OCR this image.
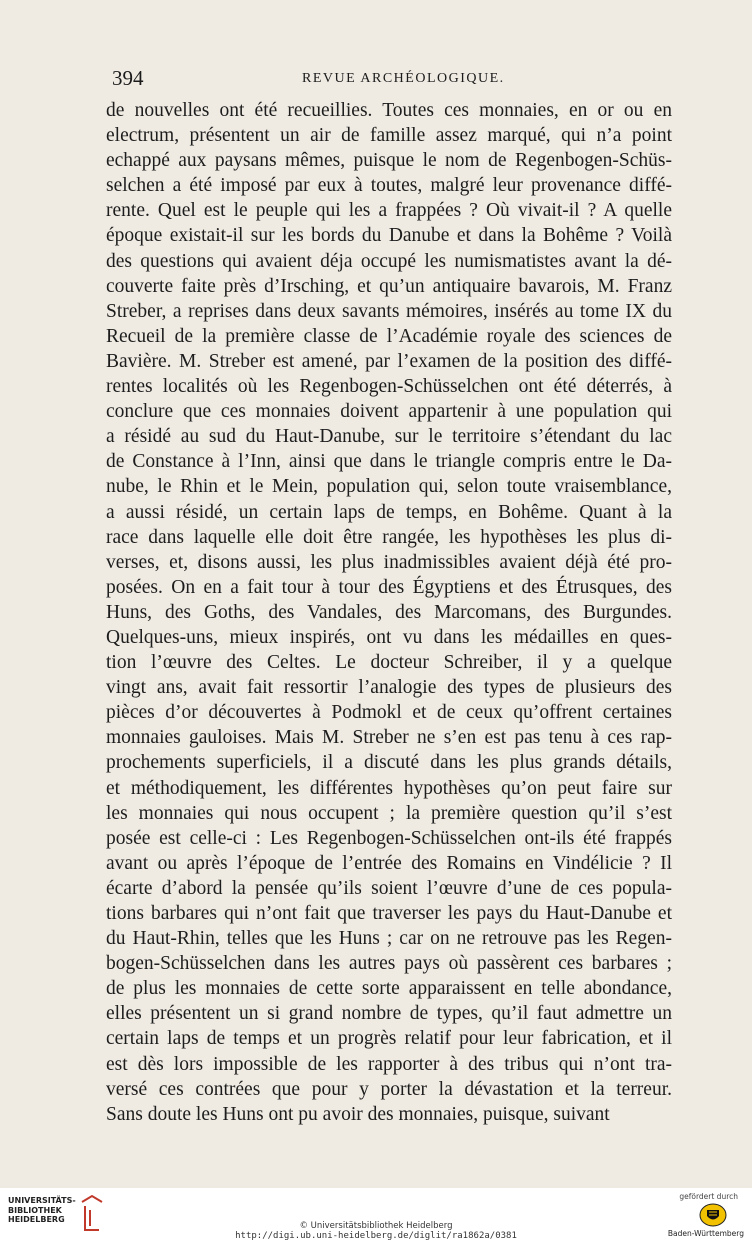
394	REVUE ARCHÉOLOGIQUE.
de nouvelles ont été recueillies. Toutes ces monnaies, en or ou en
electrum, présentent un air de famille assez marqué, qui n’a point
echappé aux paysans mêmes, puisque le nom de Regenbogen-Schüs-
selchen a été imposé par eux à toutes, malgré leur provenance diffé-
rente. Quel est le peuple qui les a frappées ? Où vivait-il ? A quelle
époque existait-il sur les bords du Danube et dans la Bohême ? Voilà
des questions qui avaient déja occupé les numismatistes avant la dé-
couverte faite près d’Irsching, et qu’un antiquaire bavarois, M. Franz
Streber, a reprises dans deux savants mémoires, insérés au tome IX du
Recueil de la première classe de l’Académie royale des sciences de
Bavière. M. Streber est amené, par l’examen de la position des diffé-
rentes localités où les Regenbogen-Schüsselchen ont été déterrés, à
conclure que ces monnaies doivent appartenir à une population qui
a résidé au sud du Haut-Danube, sur le territoire s’étendant du lac
de Constance à l’Inn, ainsi que dans le triangle compris entre le Da-
nube, le Rhin et le Mein, population qui, selon toute vraisemblance,
a aussi résidé, un certain laps de temps, en Bohême. Quant à la
race dans laquelle elle doit être rangée, les hypothèses les plus di-
verses, et, disons aussi, les plus inadmissibles avaient déjà été pro-
posées. On en a fait tour à tour des Égyptiens et des Étrusques, des
Huns, des Goths, des Vandales, des Marcomans, des Burgundes.
Quelques-uns, mieux inspirés, ont vu dans les médailles en ques-
tion l’œuvre des Celtes. Le docteur Schreiber, il y a quelque
vingt ans, avait fait ressortir l’analogie des types de plusieurs des
pièces d’or découvertes à Podmokl et de ceux qu’offrent certaines
monnaies gauloises. Mais M. Streber ne s’en est pas tenu à ces rap-
prochements superficiels, il a discuté dans les plus grands détails,
et méthodiquement, les différentes hypothèses qu’on peut faire sur
les monnaies qui nous occupent ; la première question qu’il s’est
posée est celle-ci : Les Regenbogen-Schüsselchen ont-ils été frappés
avant ou après l’époque de l’entrée des Romains en Vindélicie ? Il
écarte d’abord la pensée qu’ils soient l’œuvre d’une de ces popula-
tions barbares qui n’ont fait que traverser les pays du Haut-Danube et
du Haut-Rhin, telles que les Huns ; car on ne retrouve pas les Regen-
bogen-Schüsselchen dans les autres pays où passèrent ces barbares ;
de plus les monnaies de cette sorte apparaissent en telle abondance,
elles présentent un si grand nombre de types, qu’il faut admettre un
certain laps de temps et un progrès relatif pour leur fabrication, et il
est dès lors impossible de les rapporter à des tribus qui n’ont tra-
versé ces contrées que pour y porter la dévastation et la terreur.
Sans doute les Huns ont pu avoir des monnaies, puisque, suivant
UNIVERSITÄTS-
BIBLIOTHEK
HEIDELBERG
© Universitätsbibliothek Heidelberg
http://digi.ub.uni-heidelberg.de/diglit/ra1862a/0381
gefördert durch
Baden-Württemberg
